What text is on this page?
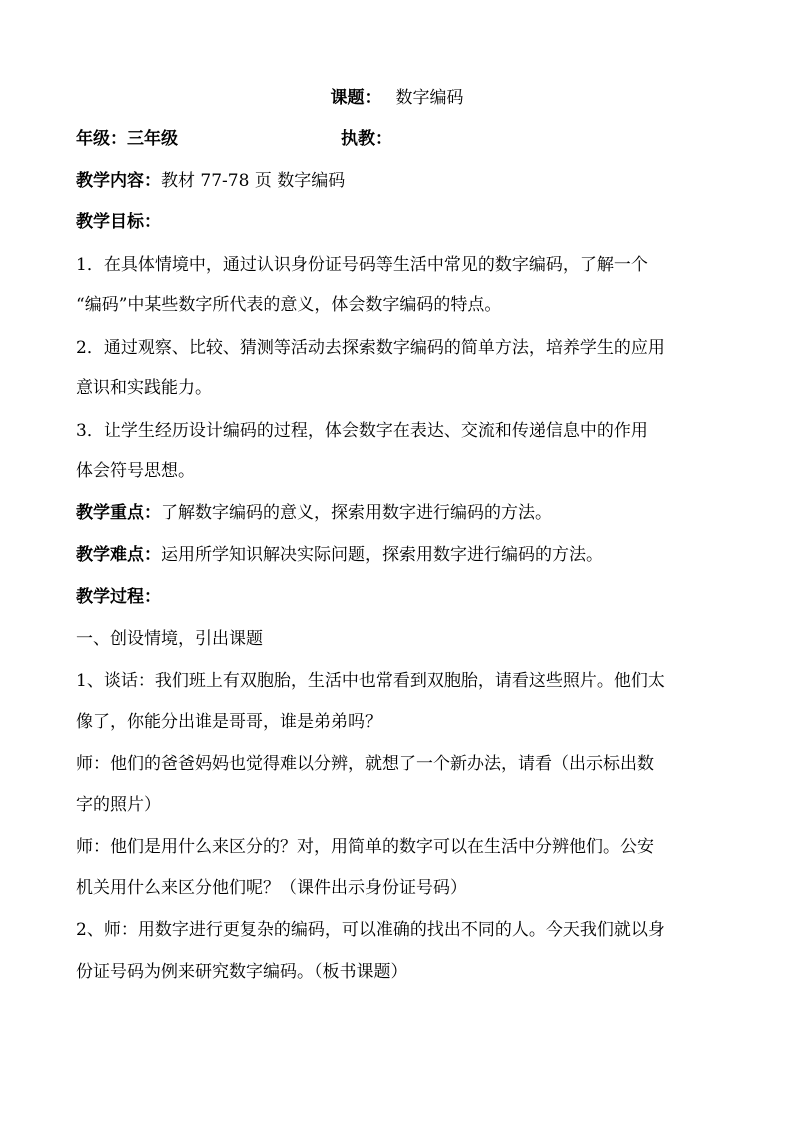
课题： 数字编码
年级：三年级	执教：
教学内容：教材 77-78 页 数字编码
教学目标：
1．在具体情境中，通过认识身份证号码等生活中常见的数字编码，了解一个
“编码”中某些数字所代表的意义，体会数字编码的特点。
2．通过观察、比较、猜测等活动去探索数字编码的简单方法，培养学生的应用
意识和实践能力。
3．让学生经历设计编码的过程，体会数字在表达、交流和传递信息中的作用
体会符号思想。
教学重点：了解数字编码的意义，探索用数字进行编码的方法。
教学难点：运用所学知识解决实际问题，探索用数字进行编码的方法。
教学过程：
一、创设情境，引出课题
1、谈话：我们班上有双胞胎，生活中也常看到双胞胎，请看这些照片。他们太
像了，你能分出谁是哥哥，谁是弟弟吗？
师：他们的爸爸妈妈也觉得难以分辨，就想了一个新办法，请看（出示标出数
字的照片）
师：他们是用什么来区分的？对，用简单的数字可以在生活中分辨他们。公安
机关用什么来区分他们呢？（课件出示身份证号码）
2、师：用数字进行更复杂的编码，可以准确的找出不同的人。今天我们就以身
份证号码为例来研究数字编码。（板书课题）
